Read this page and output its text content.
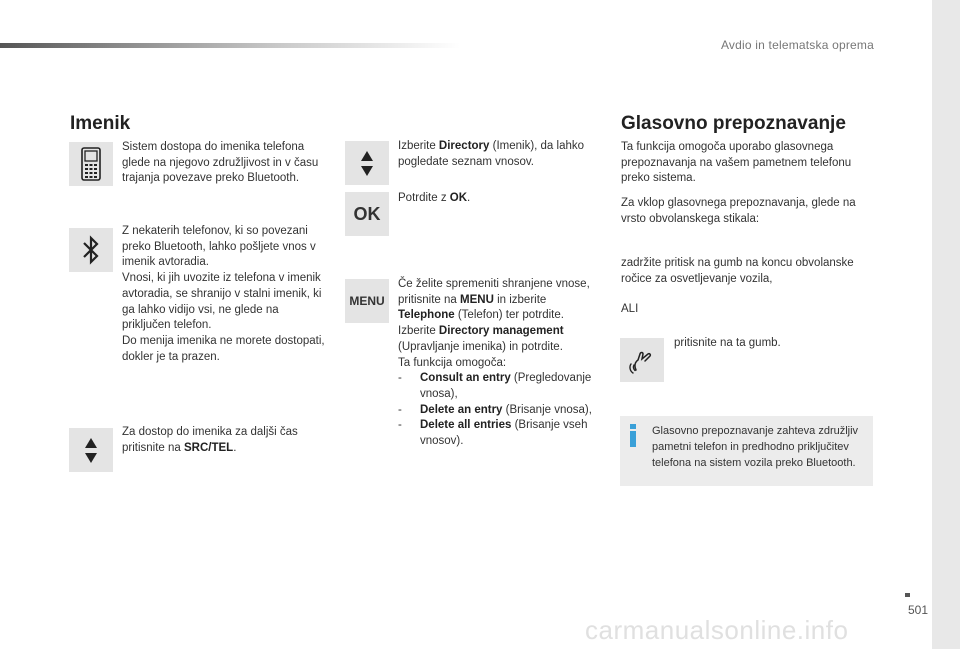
Avdio in telematska oprema
Imenik
Sistem dostopa do imenika telefona glede na njegovo združljivost in v času trajanja povezave preko Bluetooth.
Z nekaterih telefonov, ki so povezani preko Bluetooth, lahko pošljete vnos v imenik avtoradia.
Vnosi, ki jih uvozite iz telefona v imenik avtoradia, se shranijo v stalni imenik, ki ga lahko vidijo vsi, ne glede na priključen telefon.
Do menija imenika ne morete dostopati, dokler je ta prazen.
Za dostop do imenika za daljši čas pritisnite na SRC/TEL.
Izberite Directory (Imenik), da lahko pogledate seznam vnosov.
OK
Potrdite z OK.
MENU
Če želite spremeniti shranjene vnose, pritisnite na MENU in izberite Telephone (Telefon) ter potrdite.
Izberite Directory management (Upravljanje imenika) in potrdite.
Ta funkcija omogoča:
- Consult an entry (Pregledovanje vnosa),
- Delete an entry (Brisanje vnosa),
- Delete all entries (Brisanje vseh vnosov).
Glasovno prepoznavanje
Ta funkcija omogoča uporabo glasovnega prepoznavanja na vašem pametnem telefonu preko sistema.
Za vklop glasovnega prepoznavanja, glede na vrsto obvolanskega stikala:
zadržite pritisk na gumb na koncu obvolanske ročice za osvetljevanje vozila,
ALI
pritisnite na ta gumb.
Glasovno prepoznavanje zahteva združljiv pametni telefon in predhodno priključitev telefona na sistem vozila preko Bluetooth.
501
carmanualsonline.info
